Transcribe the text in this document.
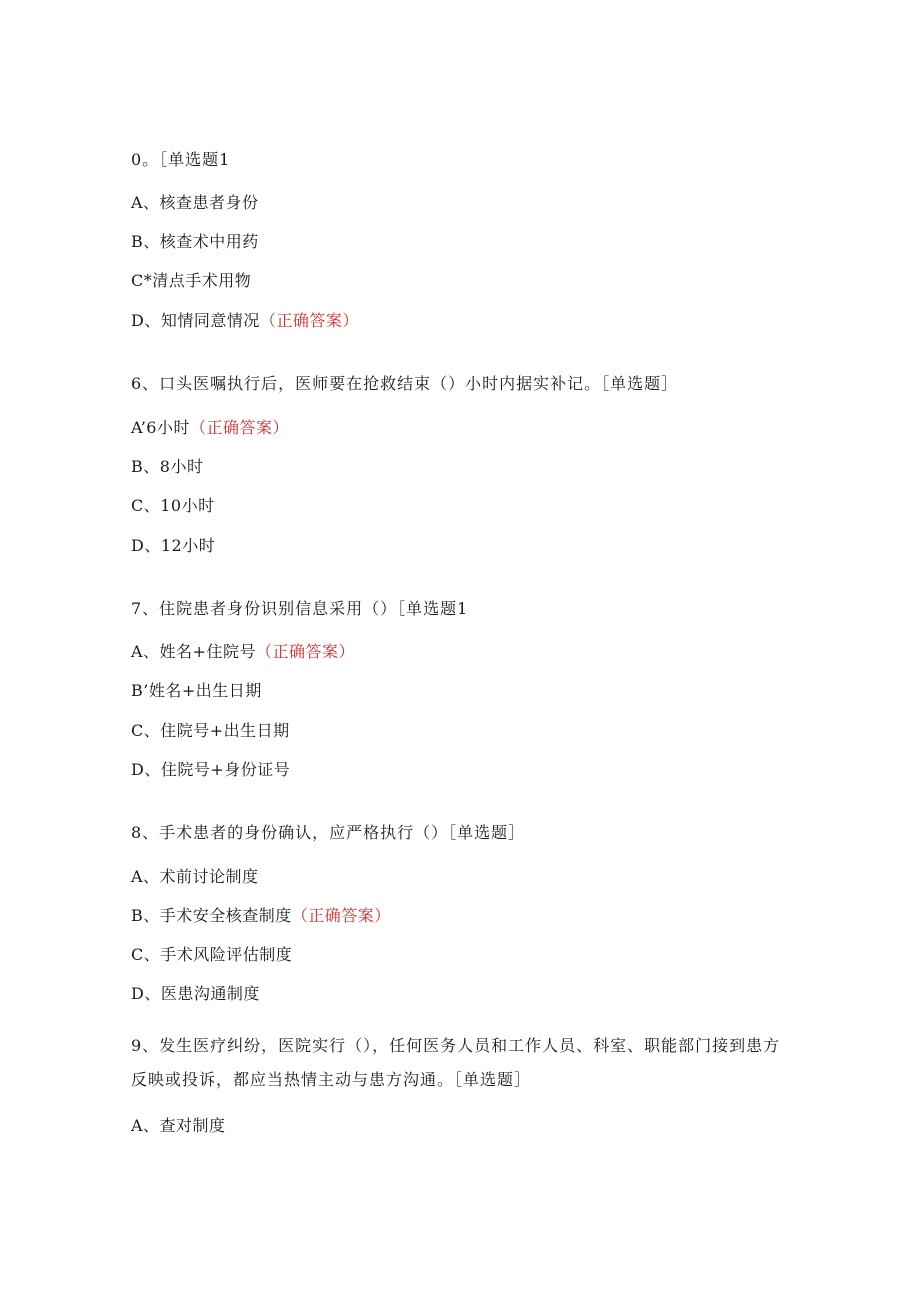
0。［单选题1
A、核查患者身份
B、核查术中用药
C*清点手术用物
D、知情同意情况（正确答案）
6、口头医嘱执行后，医师要在抢救结束（）小时内据实补记。［单选题］
A’6小时（正确答案）
B、8小时
C、10小时
D、12小时
7、住院患者身份识别信息采用（）［单选题1
A、姓名+住院号（正确答案）
B’姓名+出生日期
C、住院号+出生日期
D、住院号+身份证号
8、手术患者的身份确认，应严格执行（）［单选题］
A、术前讨论制度
B、手术安全核查制度（正确答案）
C、手术风险评估制度
D、医患沟通制度
9、发生医疗纠纷，医院实行（），任何医务人员和工作人员、科室、职能部门接到患方反映或投诉，都应当热情主动与患方沟通。［单选题］
A、查对制度
